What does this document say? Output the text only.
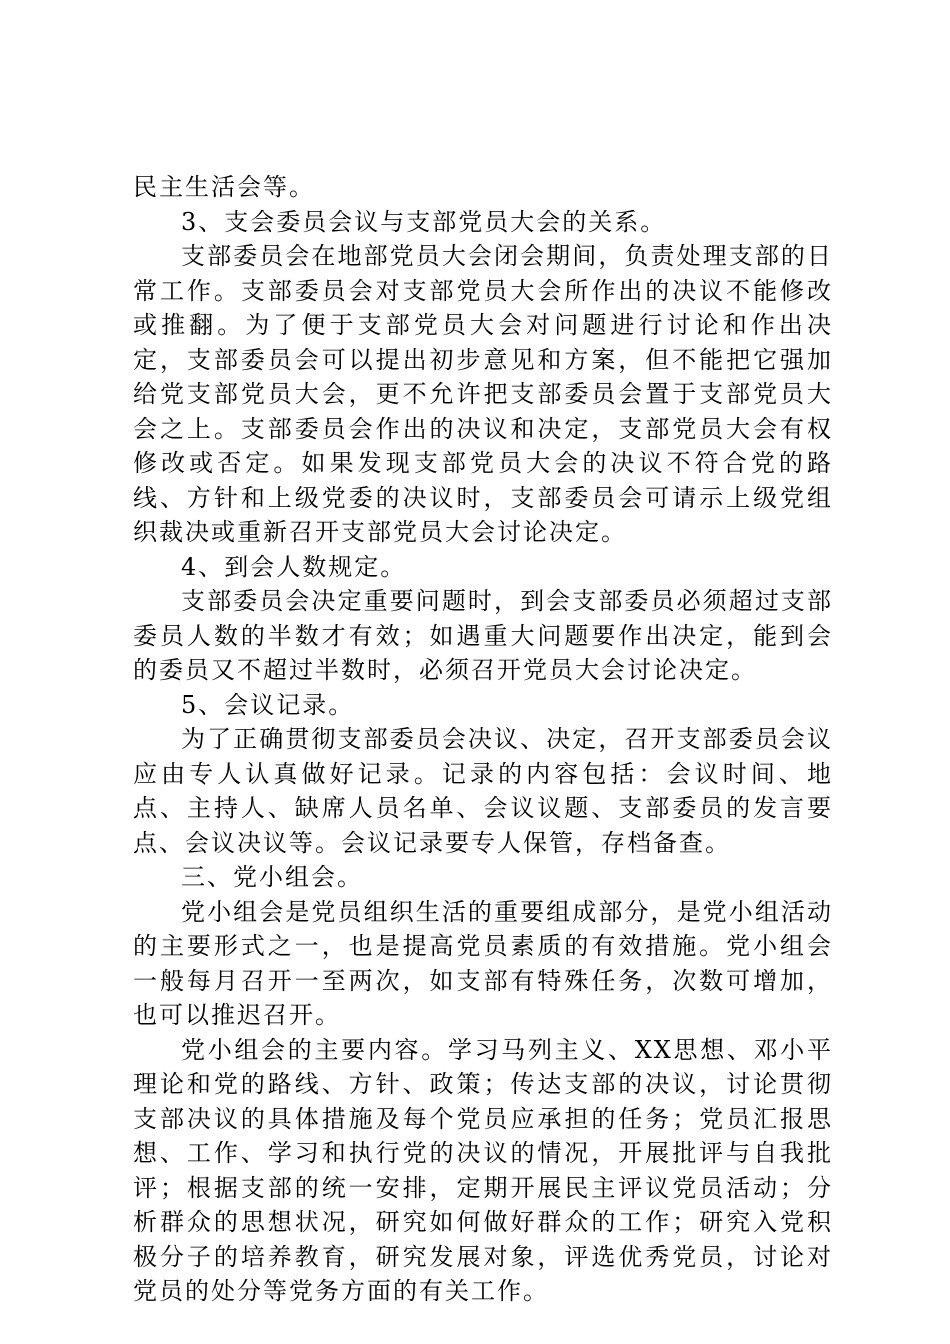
民主生活会等。

3、支会委员会议与支部党员大会的关系。

支部委员会在地部党员大会闭会期间，负责处理支部的日常工作。支部委员会对支部党员大会所作出的决议不能修改或推翻。为了便于支部党员大会对问题进行讨论和作出决定，支部委员会可以提出初步意见和方案，但不能把它强加给党支部党员大会，更不允许把支部委员会置于支部党员大会之上。支部委员会作出的决议和决定，支部党员大会有权修改或否定。如果发现支部党员大会的决议不符合党的路线、方针和上级党委的决议时，支部委员会可请示上级党组织裁决或重新召开支部党员大会讨论决定。

4、到会人数规定。

支部委员会决定重要问题时，到会支部委员必须超过支部委员人数的半数才有效；如遇重大问题要作出决定，能到会的委员又不超过半数时，必须召开党员大会讨论决定。

5、会议记录。

为了正确贯彻支部委员会决议、决定，召开支部委员会议应由专人认真做好记录。记录的内容包括：会议时间、地点、主持人、缺席人员名单、会议议题、支部委员的发言要点、会议决议等。会议记录要专人保管，存档备查。

三、党小组会。

党小组会是党员组织生活的重要组成部分，是党小组活动的主要形式之一，也是提高党员素质的有效措施。党小组会一般每月召开一至两次，如支部有特殊任务，次数可增加，也可以推迟召开。

党小组会的主要内容。学习马列主义、XX思想、邓小平理论和党的路线、方针、政策；传达支部的决议，讨论贯彻支部决议的具体措施及每个党员应承担的任务；党员汇报思想、工作、学习和执行党的决议的情况，开展批评与自我批评；根据支部的统一安排，定期开展民主评议党员活动；分析群众的思想状况，研究如何做好群众的工作；研究入党积极分子的培养教育，研究发展对象，评选优秀党员，讨论对党员的处分等党务方面的有关工作。
